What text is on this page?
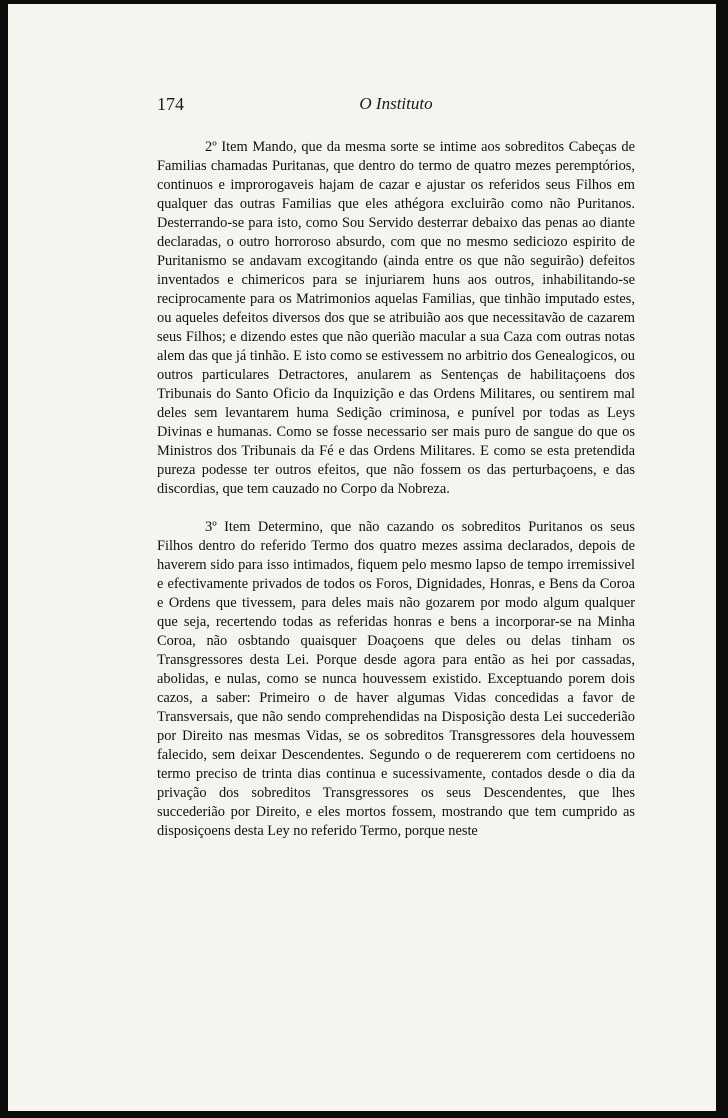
174	O Instituto

2º Item Mando, que da mesma sorte se intime aos sobreditos Cabeças de Familias chamadas Puritanas, que dentro do termo de quatro mezes peremptórios, continuos e improrogaveis hajam de cazar e ajustar os referidos seus Filhos em qualquer das outras Familias que eles athégora excluirão como não Puritanos. Desterrando-se para isto, como Sou Servido desterrar debaixo das penas ao diante declaradas, o outro horroroso absurdo, com que no mesmo sediciozo espirito de Puritanismo se andavam excogitando (ainda entre os que não seguirão) defeitos inventados e chimericos para se injuriarem huns aos outros, inhabilitando-se reciprocamente para os Matrimonios aquelas Familias, que tinhão imputado estes, ou aqueles defeitos diversos dos que se atribuião aos que necessitavão de cazarem seus Filhos; e dizendo estes que não querião macular a sua Caza com outras notas alem das que já tinhão. E isto como se estivessem no arbitrio dos Genealogicos, ou outros particulares Detractores, anularem as Sentenças de habilitaçoens dos Tribunais do Santo Oficio da Inquizição e das Ordens Militares, ou sentirem mal deles sem levantarem huma Sedição criminosa, e punível por todas as Leys Divinas e humanas. Como se fosse necessario ser mais puro de sangue do que os Ministros dos Tribunais da Fé e das Ordens Militares. E como se esta pretendida pureza podesse ter outros efeitos, que não fossem os das perturbaçoens, e das discordias, que tem cauzado no Corpo da Nobreza.

3º Item Determino, que não cazando os sobreditos Puritanos os seus Filhos dentro do referido Termo dos quatro mezes assima declarados, depois de haverem sido para isso intimados, fiquem pelo mesmo lapso de tempo irremissivel e efectivamente privados de todos os Foros, Dignidades, Honras, e Bens da Coroa e Ordens que tivessem, para deles mais não gozarem por modo algum qualquer que seja, recertendo todas as referidas honras e bens a incorporar-se na Minha Coroa, não osbtando quaisquer Doaçoens que deles ou delas tinham os Transgressores desta Lei. Porque desde agora para então as hei por cassadas, abolidas, e nulas, como se nunca houvessem existido. Exceptuando porem dois cazos, a saber: Primeiro o de haver algumas Vidas concedidas a favor de Transversais, que não sendo comprehendidas na Disposição desta Lei succederião por Direito nas mesmas Vidas, se os sobreditos Transgressores dela houvessem falecido, sem deixar Descendentes. Segundo o de requererem com certidoens no termo preciso de trinta dias continua e sucessivamente, contados desde o dia da privação dos sobreditos Transgressores os seus Descendentes, que lhes succederião por Direito, e eles mortos fossem, mostrando que tem cumprido as disposiçoens desta Ley no referido Termo, porque neste
